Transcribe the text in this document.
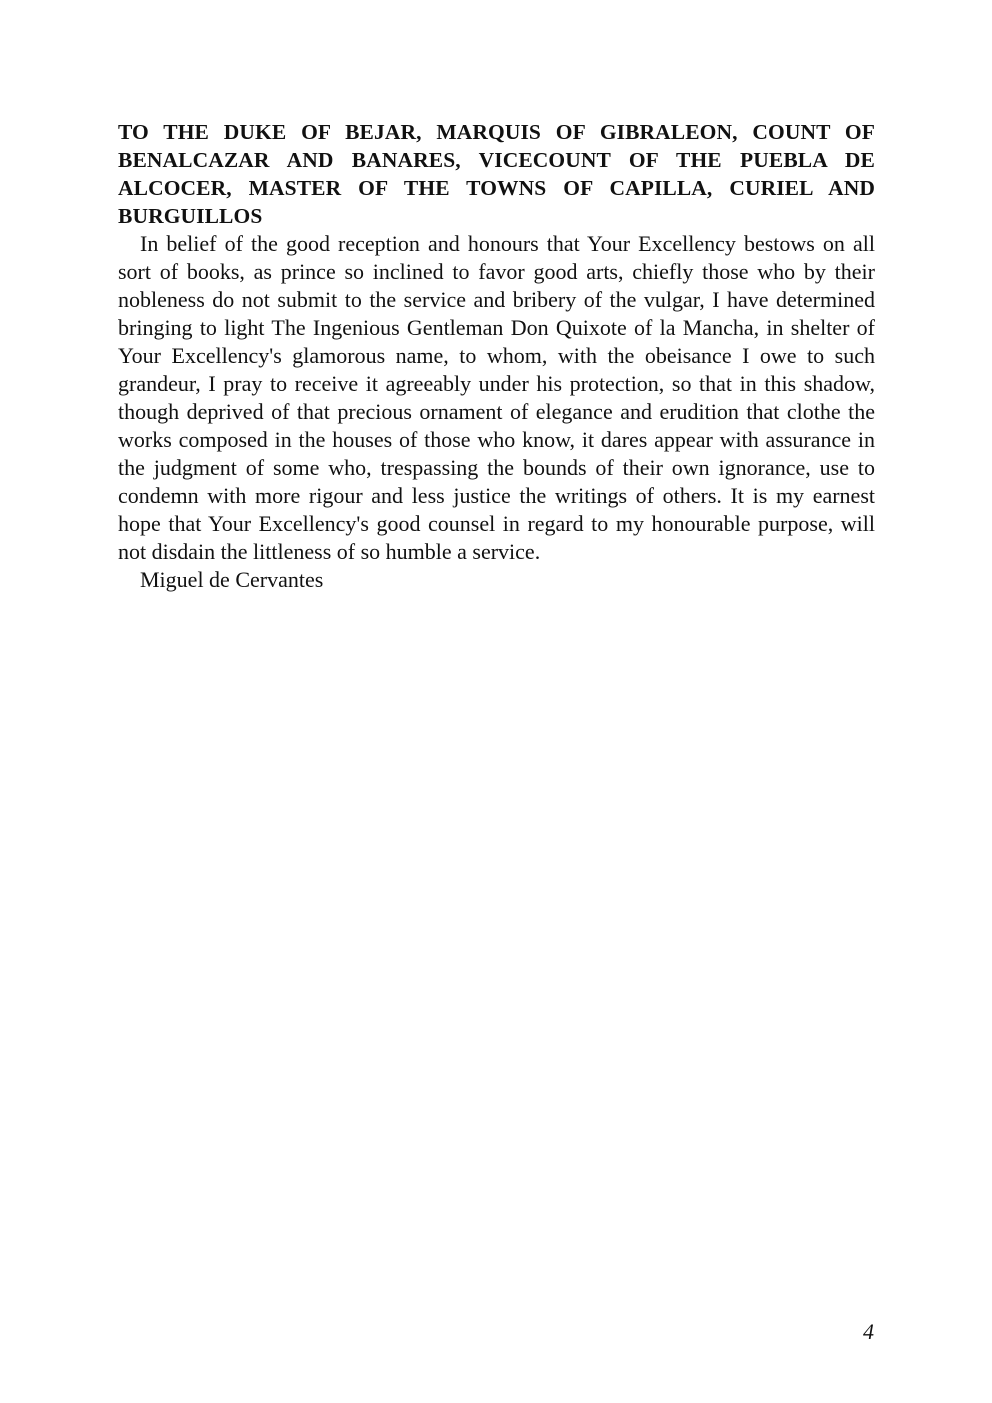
TO THE DUKE OF BEJAR, MARQUIS OF GIBRALEON, COUNT OF BENALCAZAR AND BANARES, VICECOUNT OF THE PUEBLA DE ALCOCER, MASTER OF THE TOWNS OF CAPILLA, CURIEL AND BURGUILLOS

In belief of the good reception and honours that Your Excellency bestows on all sort of books, as prince so inclined to favor good arts, chiefly those who by their nobleness do not submit to the service and bribery of the vulgar, I have determined bringing to light The Ingenious Gentleman Don Quixote of la Mancha, in shelter of Your Excellency's glamorous name, to whom, with the obeisance I owe to such grandeur, I pray to receive it agreeably under his protection, so that in this shadow, though deprived of that precious ornament of elegance and erudition that clothe the works composed in the houses of those who know, it dares appear with assurance in the judgment of some who, trespassing the bounds of their own ignorance, use to condemn with more rigour and less justice the writings of others. It is my earnest hope that Your Excellency's good counsel in regard to my honourable purpose, will not disdain the littleness of so humble a service.

Miguel de Cervantes

4
